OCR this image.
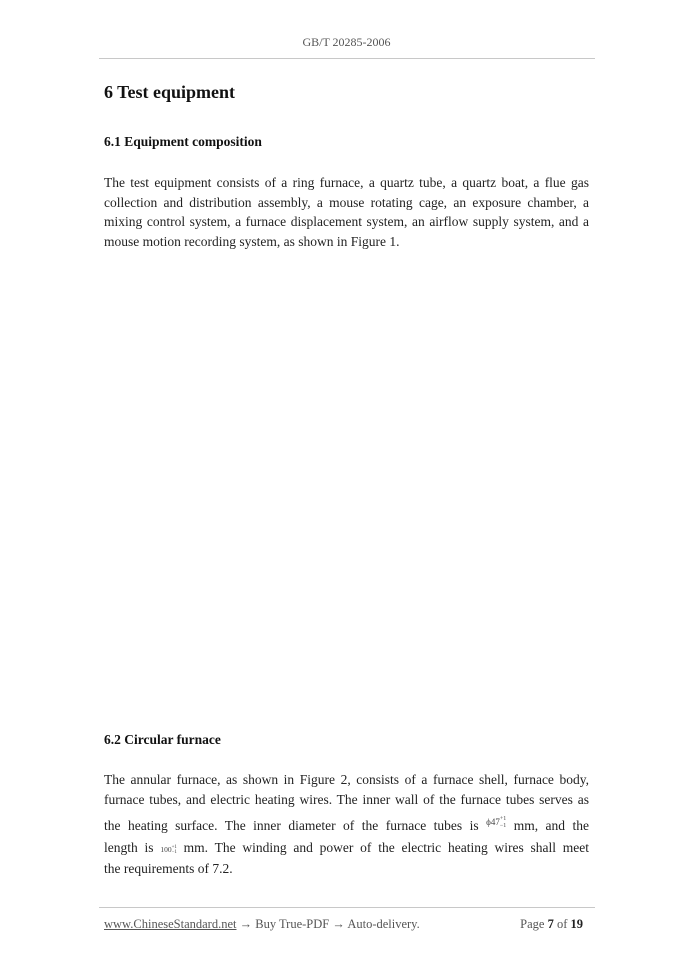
GB/T 20285-2006
6 Test equipment
6.1 Equipment composition
The test equipment consists of a ring furnace, a quartz tube, a quartz boat, a flue gas
collection and distribution assembly, a mouse rotating cage, an exposure chamber, a
mixing control system, a furnace displacement system, an airflow supply system, and a
mouse motion recording system, as shown in Figure 1.
6.2 Circular furnace
The annular furnace, as shown in Figure 2, consists of a furnace shell, furnace body,
furnace tubes, and electric heating wires. The inner wall of the furnace tubes serves as
the heating surface. The inner diameter of the furnace tubes is ϕ47 +1
−1 mm, and the
length is 100 +1
−1 mm. The winding and power of the electric heating wires shall meet
the requirements of 7.2.
www.ChineseStandard.net → Buy True-PDF → Auto-delivery.	Page 7 of 19
